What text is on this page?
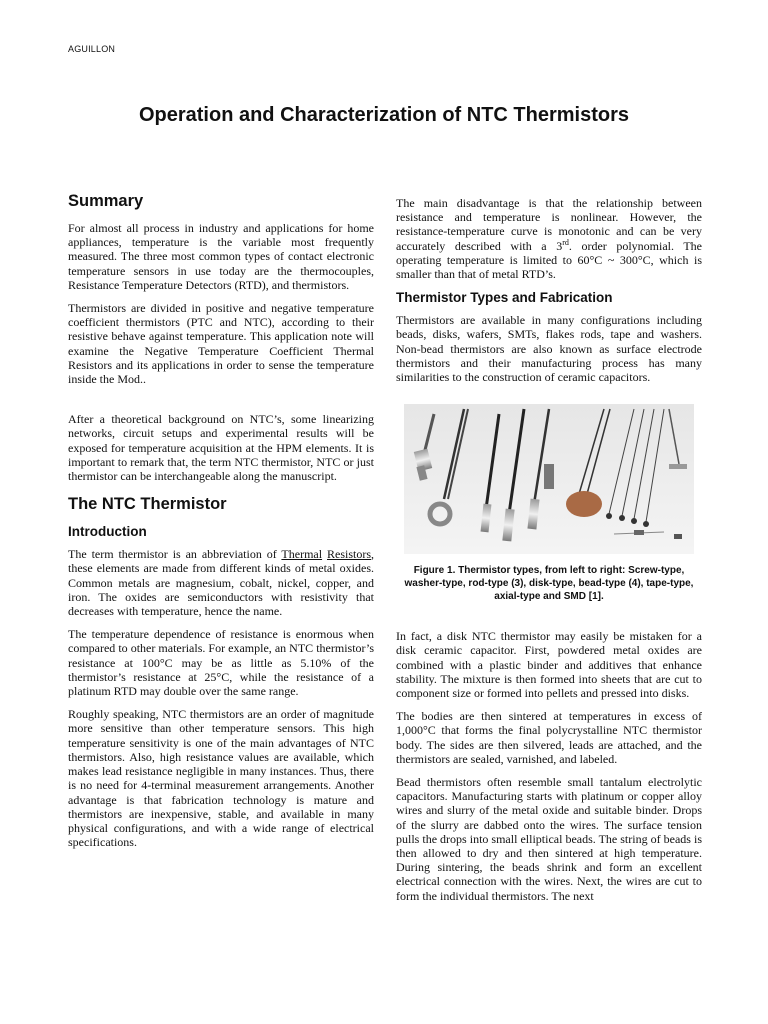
AGUILLON
Operation and Characterization of NTC Thermistors
Summary

For almost all process in industry and applications for home appliances, temperature is the variable most frequently measured. The three most common types of contact electronic temperature sensors in use today are the thermocouples, Resistance Temperature Detectors (RTD), and thermistors.

Thermistors are divided in positive and negative temperature coefficient thermistors (PTC and NTC), according to their resistive behave against temperature. This application note will examine the Negative Temperature Coefficient Thermal Resistors and its applications in order to sense the temperature inside the Mod..

After a theoretical background on NTC’s, some linearizing networks, circuit setups and experimental results will be exposed for temperature acquisition at the HPM elements. It is important to remark that, the term NTC thermistor, NTC or just thermistor can be interchangeable along the manuscript.

The NTC Thermistor
Introduction

The term thermistor is an abbreviation of Thermal Resistors, these elements are made from different kinds of metal oxides. Common metals are magnesium, cobalt, nickel, copper, and iron. The oxides are semiconductors with resistivity that decreases with temperature, hence the name.

The temperature dependence of resistance is enormous when compared to other materials. For example, an NTC thermistor’s resistance at 100°C may be as little as 5.10% of the thermistor’s resistance at 25°C, while the resistance of a platinum RTD may double over the same range.

Roughly speaking, NTC thermistors are an order of magnitude more sensitive than other temperature sensors. This high temperature sensitivity is one of the main advantages of NTC thermistors. Also, high resistance values are available, which makes lead resistance negligible in many instances. Thus, there is no need for 4-terminal measurement arrangements. Another advantage is that fabrication technology is mature and thermistors are inexpensive, stable, and available in many physical configurations, and with a wide range of electrical specifications.

The main disadvantage is that the relationship between resistance and temperature is nonlinear. However, the resistance-temperature curve is monotonic and can be very accurately described with a 3rd. order polynomial. The operating temperature is limited to 60°C ~ 300°C, which is smaller than that of metal RTD’s.

Thermistor Types and Fabrication

Thermistors are available in many configurations including beads, disks, wafers, SMTs, flakes rods, tape and washers. Non-bead thermistors are also known as surface electrode thermistors and their manufacturing process has many similarities to the construction of ceramic capacitors.

Figure 1. Thermistor types, from left to right: Screw-type, washer-type, rod-type (3), disk-type, bead-type (4), tape-type, axial-type and SMD [1].

In fact, a disk NTC thermistor may easily be mistaken for a disk ceramic capacitor. First, powdered metal oxides are combined with a plastic binder and additives that enhance stability. The mixture is then formed into sheets that are cut to component size or formed into pellets and pressed into disks.

The bodies are then sintered at temperatures in excess of 1,000°C that forms the final polycrystalline NTC thermistor body. The sides are then silvered, leads are attached, and the thermistors are sealed, varnished, and labeled.

Bead thermistors often resemble small tantalum electrolytic capacitors. Manufacturing starts with platinum or copper alloy wires and slurry of the metal oxide and suitable binder. Drops of the slurry are dabbed onto the wires. The surface tension pulls the drops into small elliptical beads. The string of beads is then allowed to dry and then sintered at high temperature. During sintering, the beads shrink and form an excellent electrical connection with the wires. Next, the wires are cut to form the individual thermistors. The next
